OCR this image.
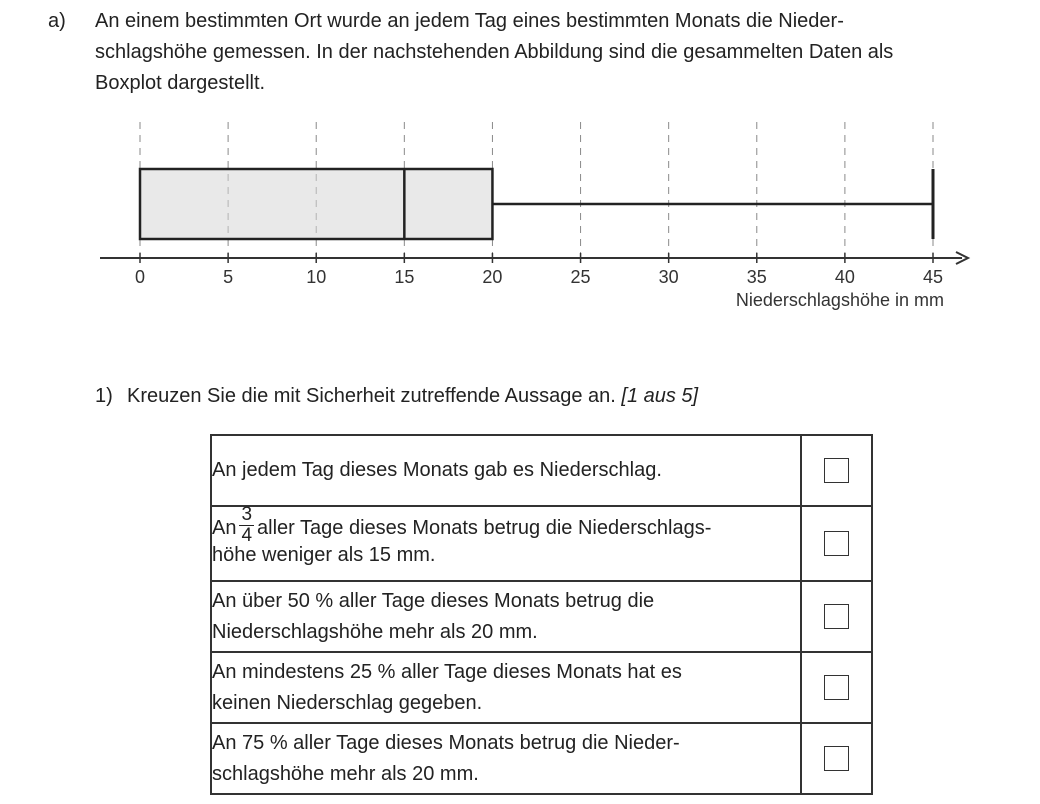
a) An einem bestimmten Ort wurde an jedem Tag eines bestimmten Monats die Nieder-
schlagshöhe gemessen. In der nachstehenden Abbildung sind die gesammelten Daten als
Boxplot dargestellt.
0	5	10	15	20	25	30	35	40	45
Niederschlagshöhe in mm
1) Kreuzen Sie die mit Sicherheit zutreffende Aussage an. [1 aus 5]
An jedem Tag dieses Monats gab es Niederschlag.	
An $\frac{3}{4}$ aller Tage dieses Monats betrug die Niederschlags-
höhe weniger als 15 mm.	
An über 50 % aller Tage dieses Monats betrug die
Niederschlagshöhe mehr als 20 mm.	
An mindestens 25 % aller Tage dieses Monats hat es
keinen Niederschlag gegeben.	
An 75 % aller Tage dieses Monats betrug die Nieder-
schlagshöhe mehr als 20 mm.	
